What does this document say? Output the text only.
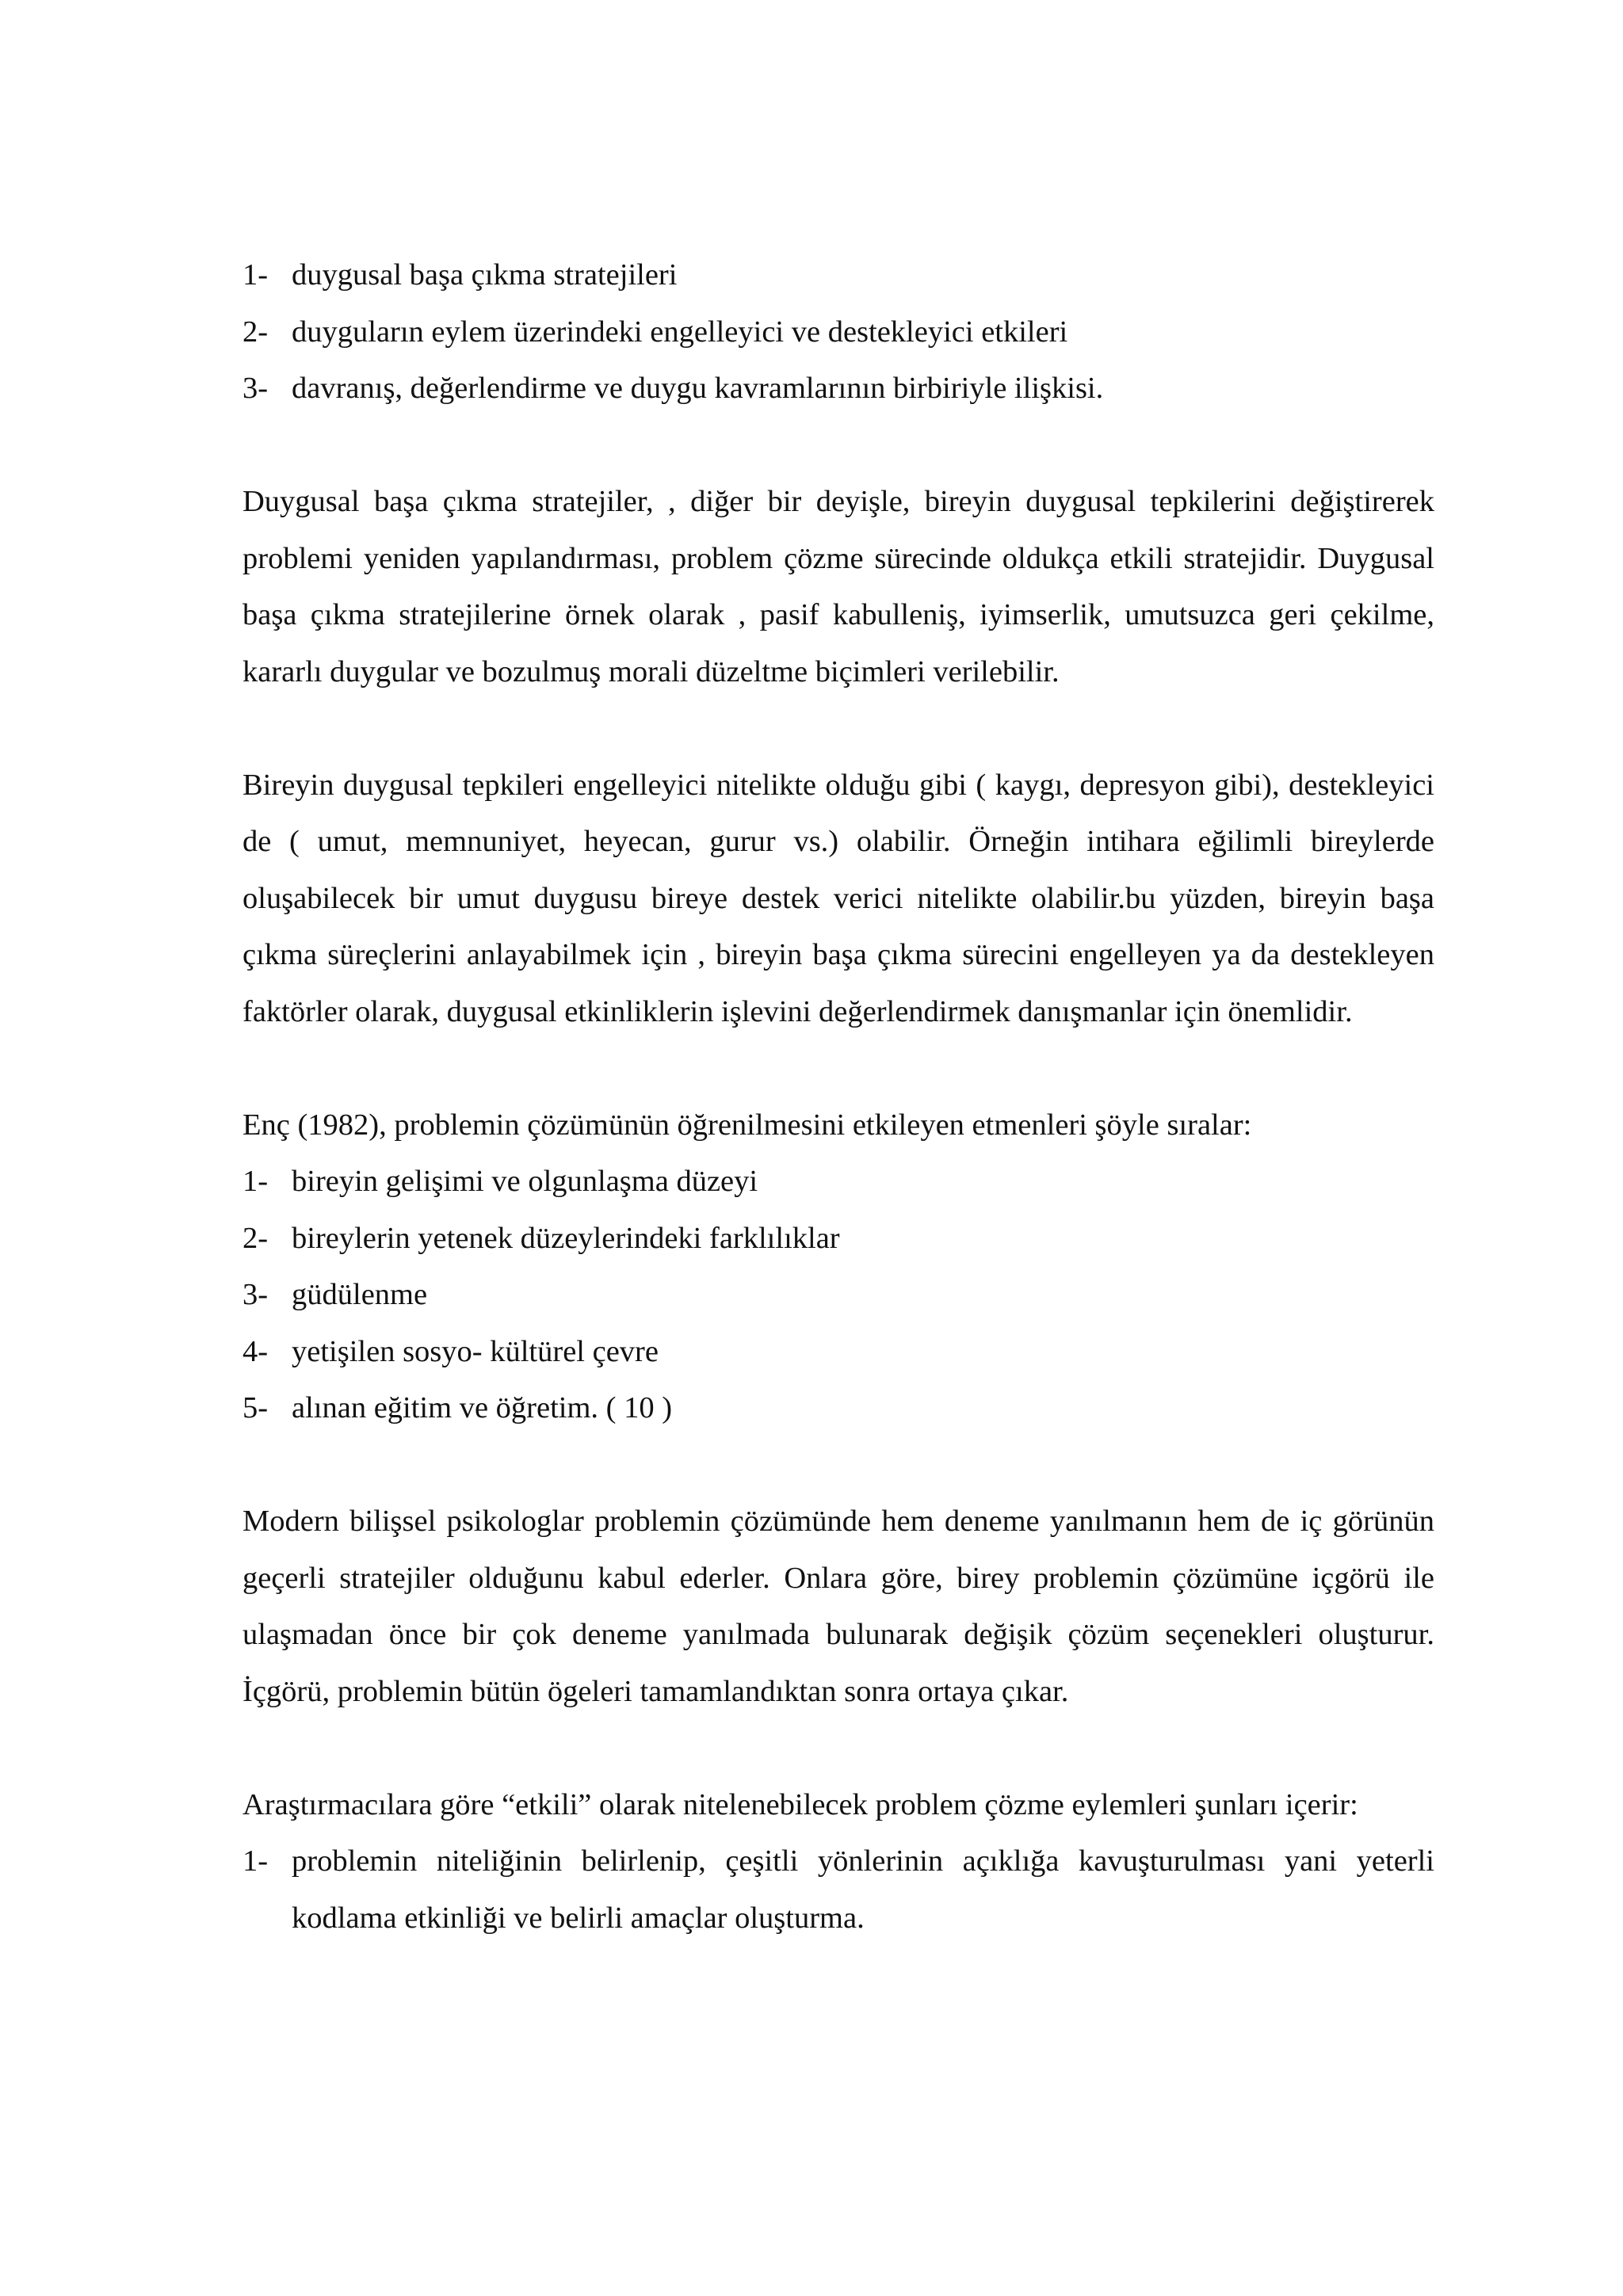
1- duygusal başa çıkma stratejileri
2- duyguların eylem üzerindeki engelleyici ve destekleyici etkileri
3- davranış, değerlendirme ve duygu kavramlarının birbiriyle ilişkisi.

Duygusal başa çıkma stratejiler, , diğer bir deyişle, bireyin duygusal tepkilerini değiştirerek problemi yeniden yapılandırması, problem çözme sürecinde oldukça etkili stratejidir. Duygusal başa çıkma stratejilerine örnek olarak , pasif kabulleniş, iyimserlik, umutsuzca geri çekilme, kararlı duygular ve bozulmuş morali düzeltme biçimleri verilebilir.

Bireyin duygusal tepkileri engelleyici nitelikte olduğu gibi ( kaygı, depresyon gibi), destekleyici de ( umut, memnuniyet, heyecan, gurur vs.) olabilir. Örneğin intihara eğilimli bireylerde oluşabilecek bir umut duygusu bireye destek verici nitelikte olabilir.bu yüzden, bireyin başa çıkma süreçlerini anlayabilmek için , bireyin başa çıkma sürecini engelleyen ya da destekleyen faktörler olarak, duygusal etkinliklerin işlevini değerlendirmek danışmanlar için önemlidir.

Enç (1982), problemin çözümünün öğrenilmesini etkileyen etmenleri şöyle sıralar:

1- bireyin gelişimi ve olgunlaşma düzeyi
2- bireylerin yetenek düzeylerindeki farklılıklar
3- güdülenme
4- yetişilen sosyo- kültürel çevre
5- alınan eğitim ve öğretim. ( 10 )

Modern bilişsel psikologlar problemin çözümünde hem deneme yanılmanın hem de iç görünün geçerli stratejiler olduğunu kabul ederler. Onlara göre, birey problemin çözümüne içgörü ile ulaşmadan önce bir çok deneme yanılmada bulunarak değişik çözüm seçenekleri oluşturur. İçgörü, problemin bütün ögeleri tamamlandıktan sonra ortaya çıkar.

Araştırmacılara göre “etkili” olarak nitelenebilecek problem çözme eylemleri şunları içerir:

1- problemin niteliğinin belirlenip, çeşitli yönlerinin açıklığa kavuşturulması yani yeterli kodlama etkinliği ve belirli amaçlar oluşturma.
